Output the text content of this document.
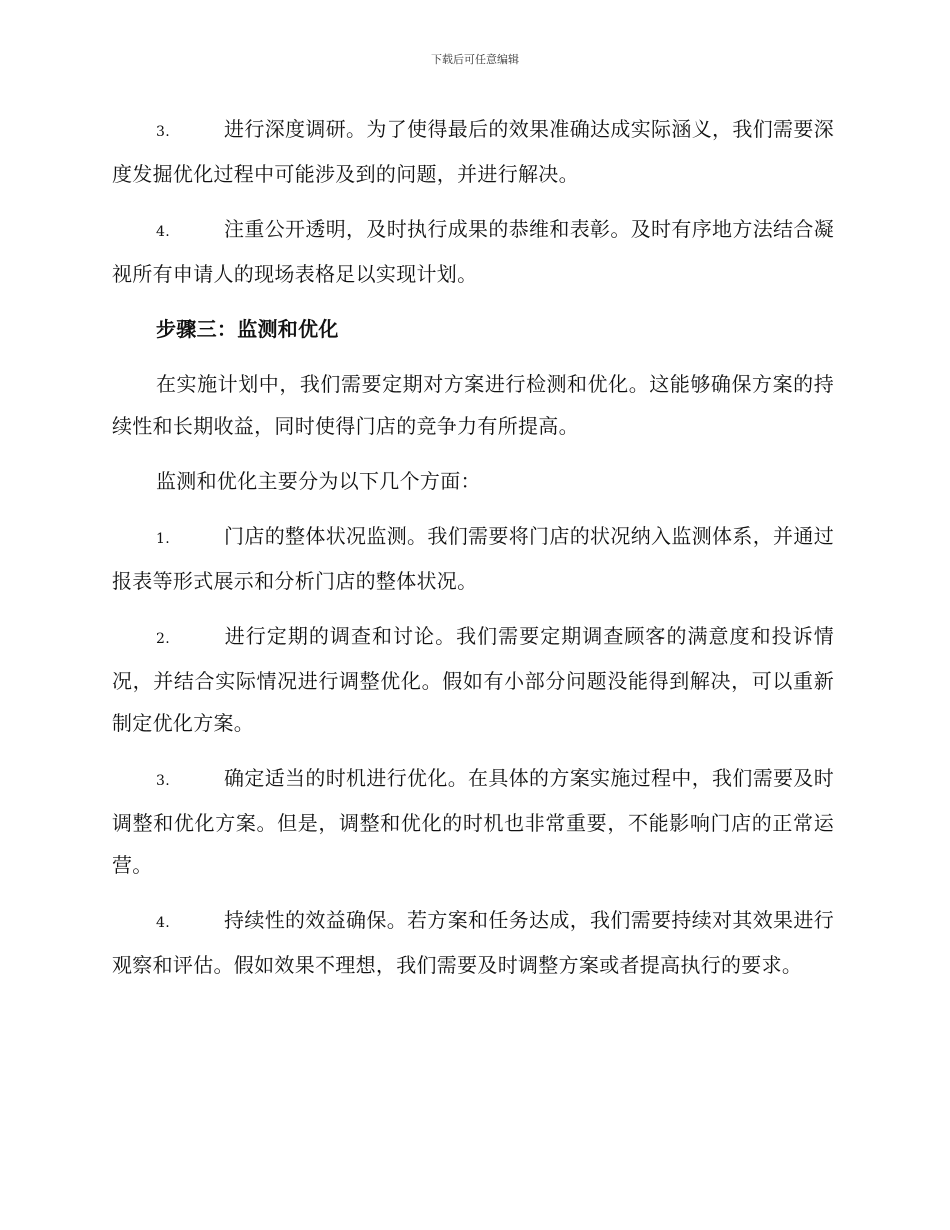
下载后可任意编辑

3.	进行深度调研。为了使得最后的效果准确达成实际涵义，我们需要深度发掘优化过程中可能涉及到的问题，并进行解决。

4.	注重公开透明，及时执行成果的恭维和表彰。及时有序地方法结合凝视所有申请人的现场表格足以实现计划。

步骤三：监测和优化

在实施计划中，我们需要定期对方案进行检测和优化。这能够确保方案的持续性和长期收益，同时使得门店的竞争力有所提高。

监测和优化主要分为以下几个方面：

1.	门店的整体状况监测。我们需要将门店的状况纳入监测体系，并通过报表等形式展示和分析门店的整体状况。

2.	进行定期的调查和讨论。我们需要定期调查顾客的满意度和投诉情况，并结合实际情况进行调整优化。假如有小部分问题没能得到解决，可以重新制定优化方案。

3.	确定适当的时机进行优化。在具体的方案实施过程中，我们需要及时调整和优化方案。但是，调整和优化的时机也非常重要，不能影响门店的正常运营。

4.	持续性的效益确保。若方案和任务达成，我们需要持续对其效果进行观察和评估。假如效果不理想，我们需要及时调整方案或者提高执行的要求。
